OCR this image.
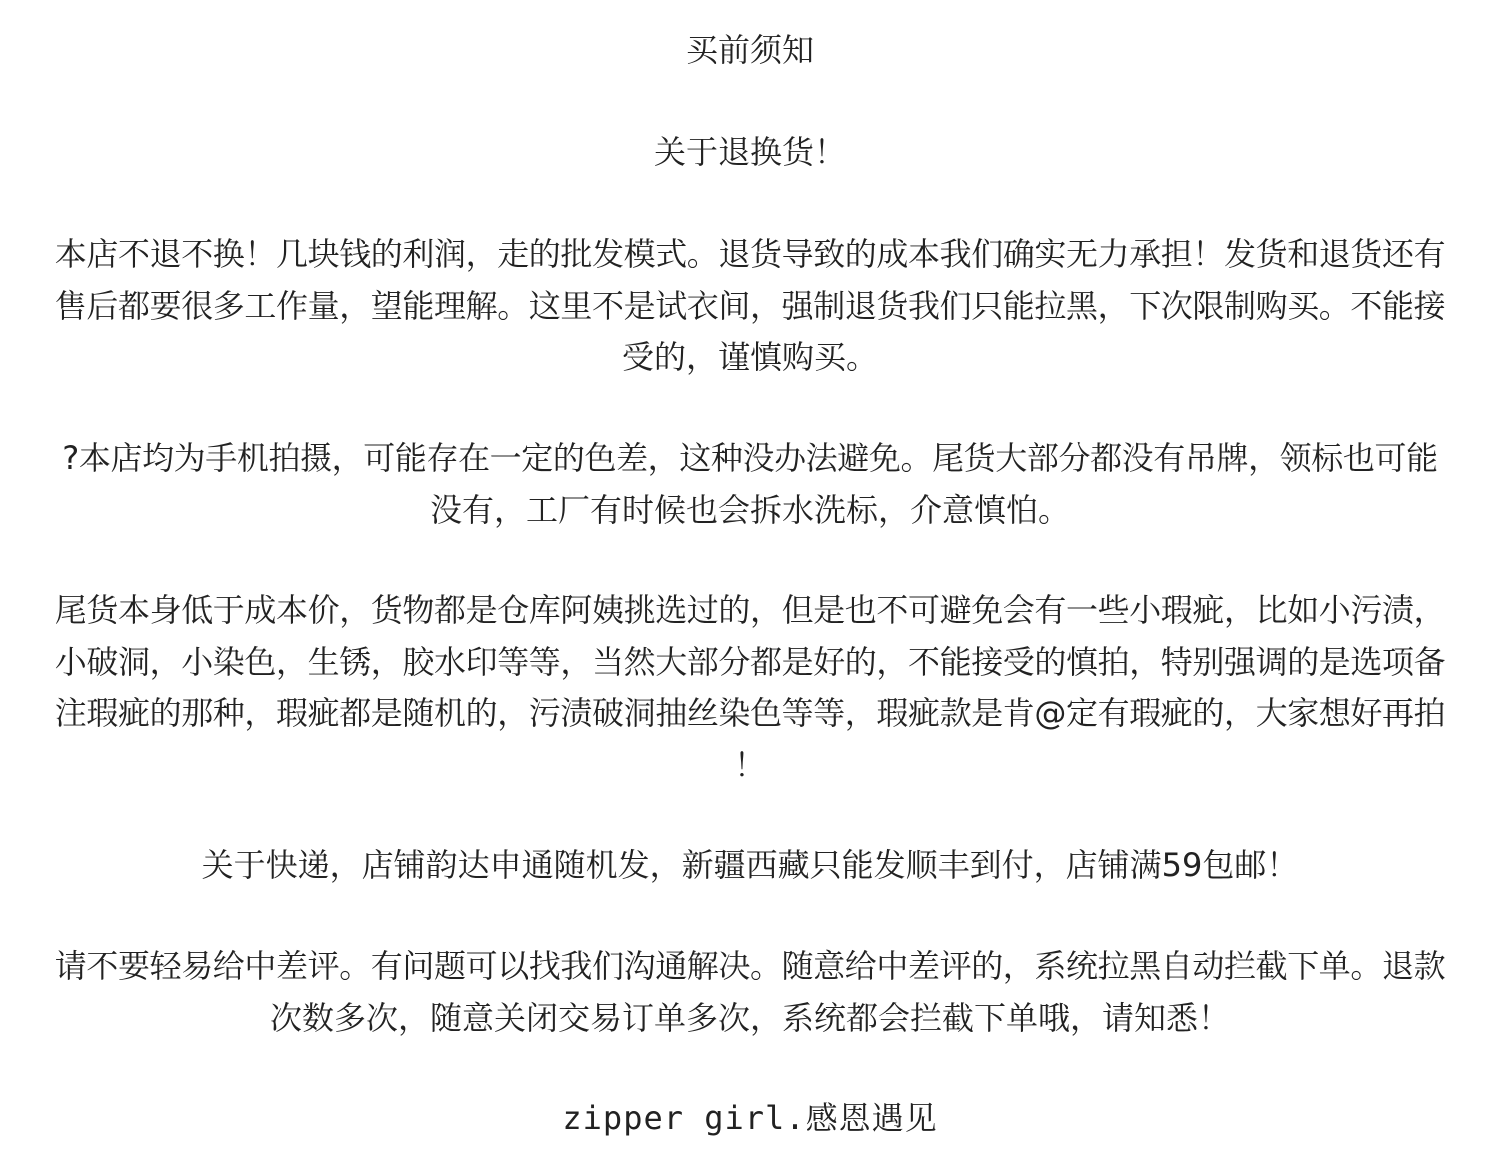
买前须知
关于退换货！
本店不退不换！几块钱的利润，走的批发模式。退货导致的成本我们确实无力承担！发货和退货还有
售后都要很多工作量，望能理解。这里不是试衣间，强制退货我们只能拉黑，下次限制购买。不能接
受的，谨慎购买。
?本店均为手机拍摄，可能存在一定的色差，这种没办法避免。尾货大部分都没有吊牌，领标也可能
没有，工厂有时候也会拆水洗标，介意慎怕。
尾货本身低于成本价，货物都是仓库阿姨挑选过的，但是也不可避免会有一些小瑕疵，比如小污渍，
小破洞，小染色，生锈，胶水印等等，当然大部分都是好的，不能接受的慎拍，特别强调的是选项备
注瑕疵的那种，瑕疵都是随机的，污渍破洞抽丝染色等等，瑕疵款是肯@定有瑕疵的，大家想好再拍
！
关于快递，店铺韵达申通随机发，新疆西藏只能发顺丰到付，店铺满59包邮！
请不要轻易给中差评。有问题可以找我们沟通解决。随意给中差评的，系统拉黑自动拦截下单。退款
次数多次，随意关闭交易订单多次，系统都会拦截下单哦，请知悉！
zipper girl.感恩遇见
